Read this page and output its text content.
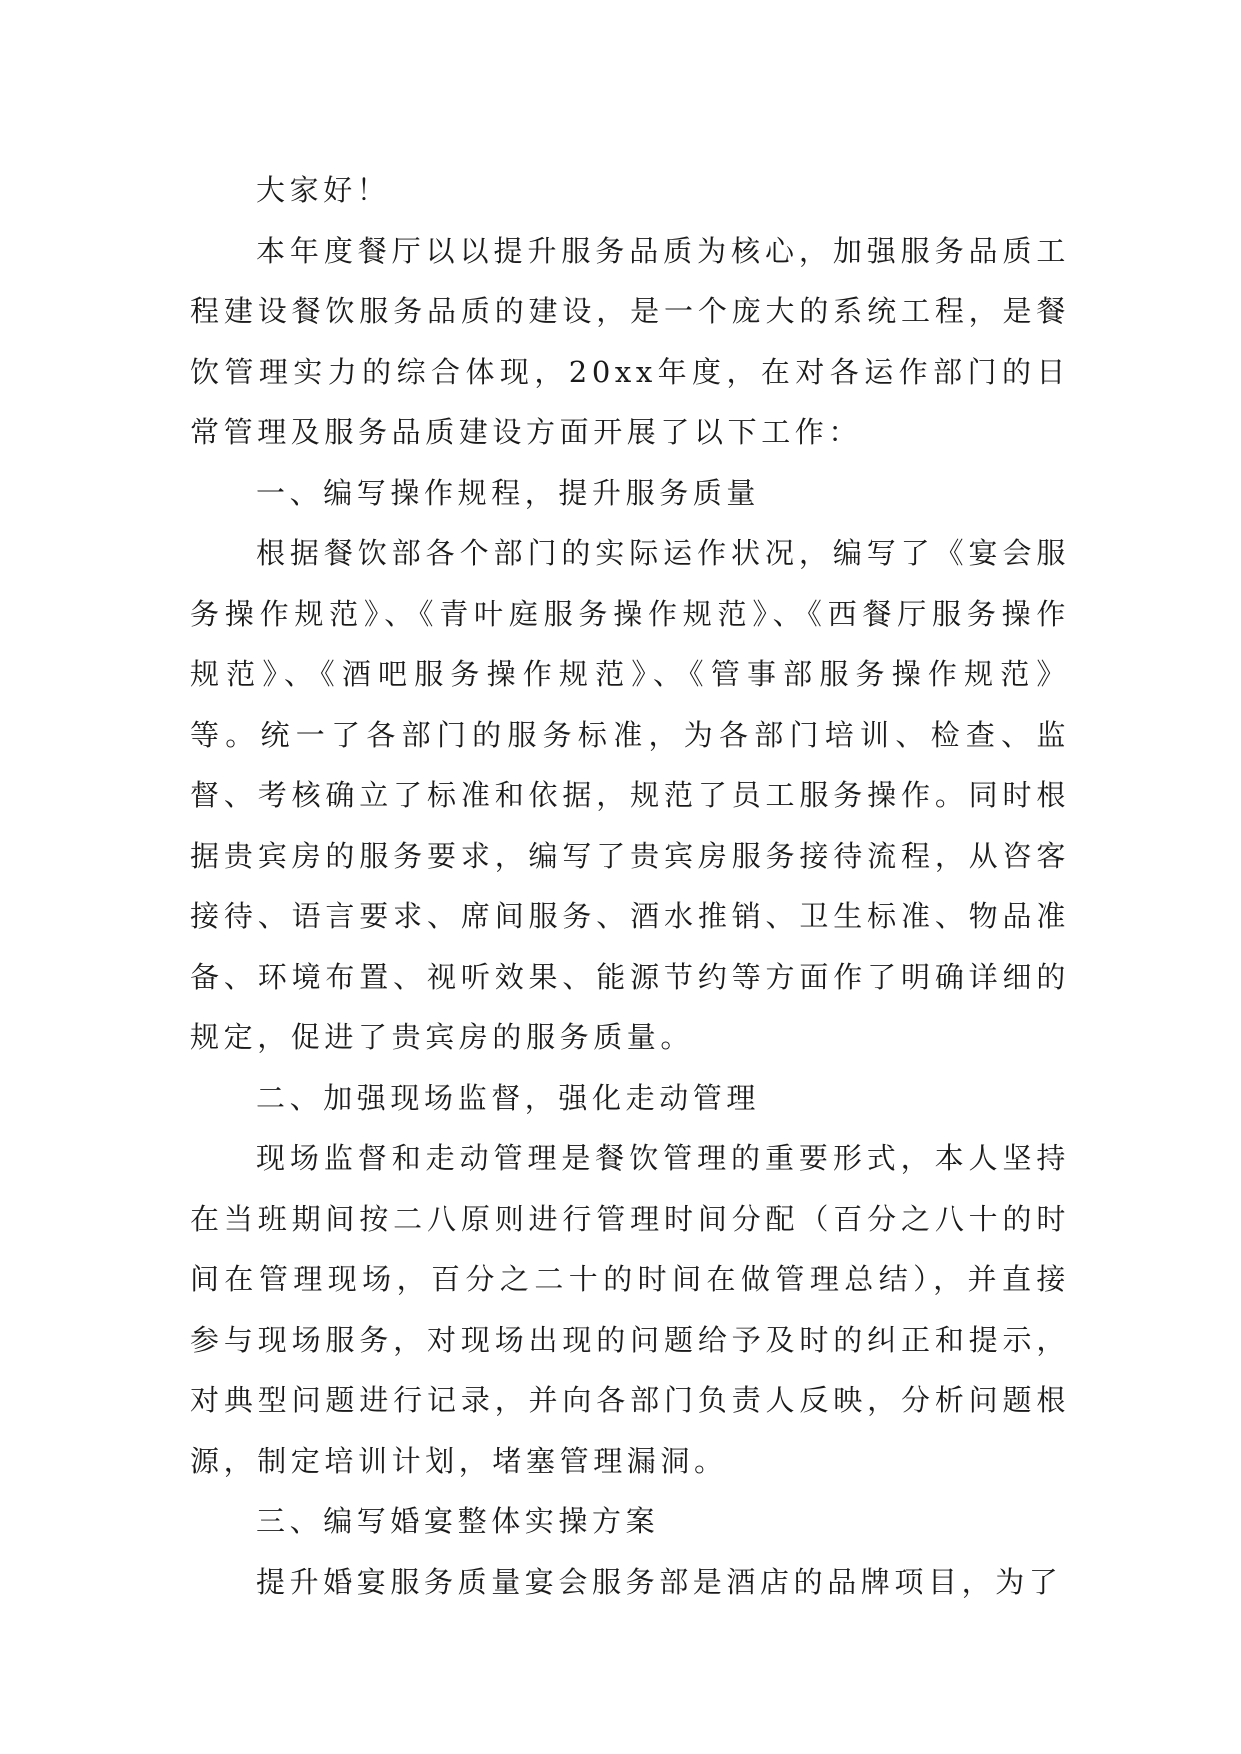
大家好！

本年度餐厅以以提升服务品质为核心，加强服务品质工程建设餐饮服务品质的建设，是一个庞大的系统工程，是餐饮管理实力的综合体现，20xx年度，在对各运作部门的日常管理及服务品质建设方面开展了以下工作：

一、编写操作规程，提升服务质量

根据餐饮部各个部门的实际运作状况，编写了《宴会服务操作规范》、《青叶庭服务操作规范》、《西餐厅服务操作规范》、《酒吧服务操作规范》、《管事部服务操作规范》等。统一了各部门的服务标准，为各部门培训、检查、监督、考核确立了标准和依据，规范了员工服务操作。同时根据贵宾房的服务要求，编写了贵宾房服务接待流程，从咨客接待、语言要求、席间服务、酒水推销、卫生标准、物品准备、环境布置、视听效果、能源节约等方面作了明确详细的规定，促进了贵宾房的服务质量。

二、加强现场监督，强化走动管理

现场监督和走动管理是餐饮管理的重要形式，本人坚持在当班期间按二八原则进行管理时间分配（百分之八十的时间在管理现场，百分之二十的时间在做管理总结），并直接参与现场服务，对现场出现的问题给予及时的纠正和提示，对典型问题进行记录，并向各部门负责人反映，分析问题根源，制定培训计划，堵塞管理漏洞。

三、编写婚宴整体实操方案

提升婚宴服务质量宴会服务部是酒店的品牌项目，为了
